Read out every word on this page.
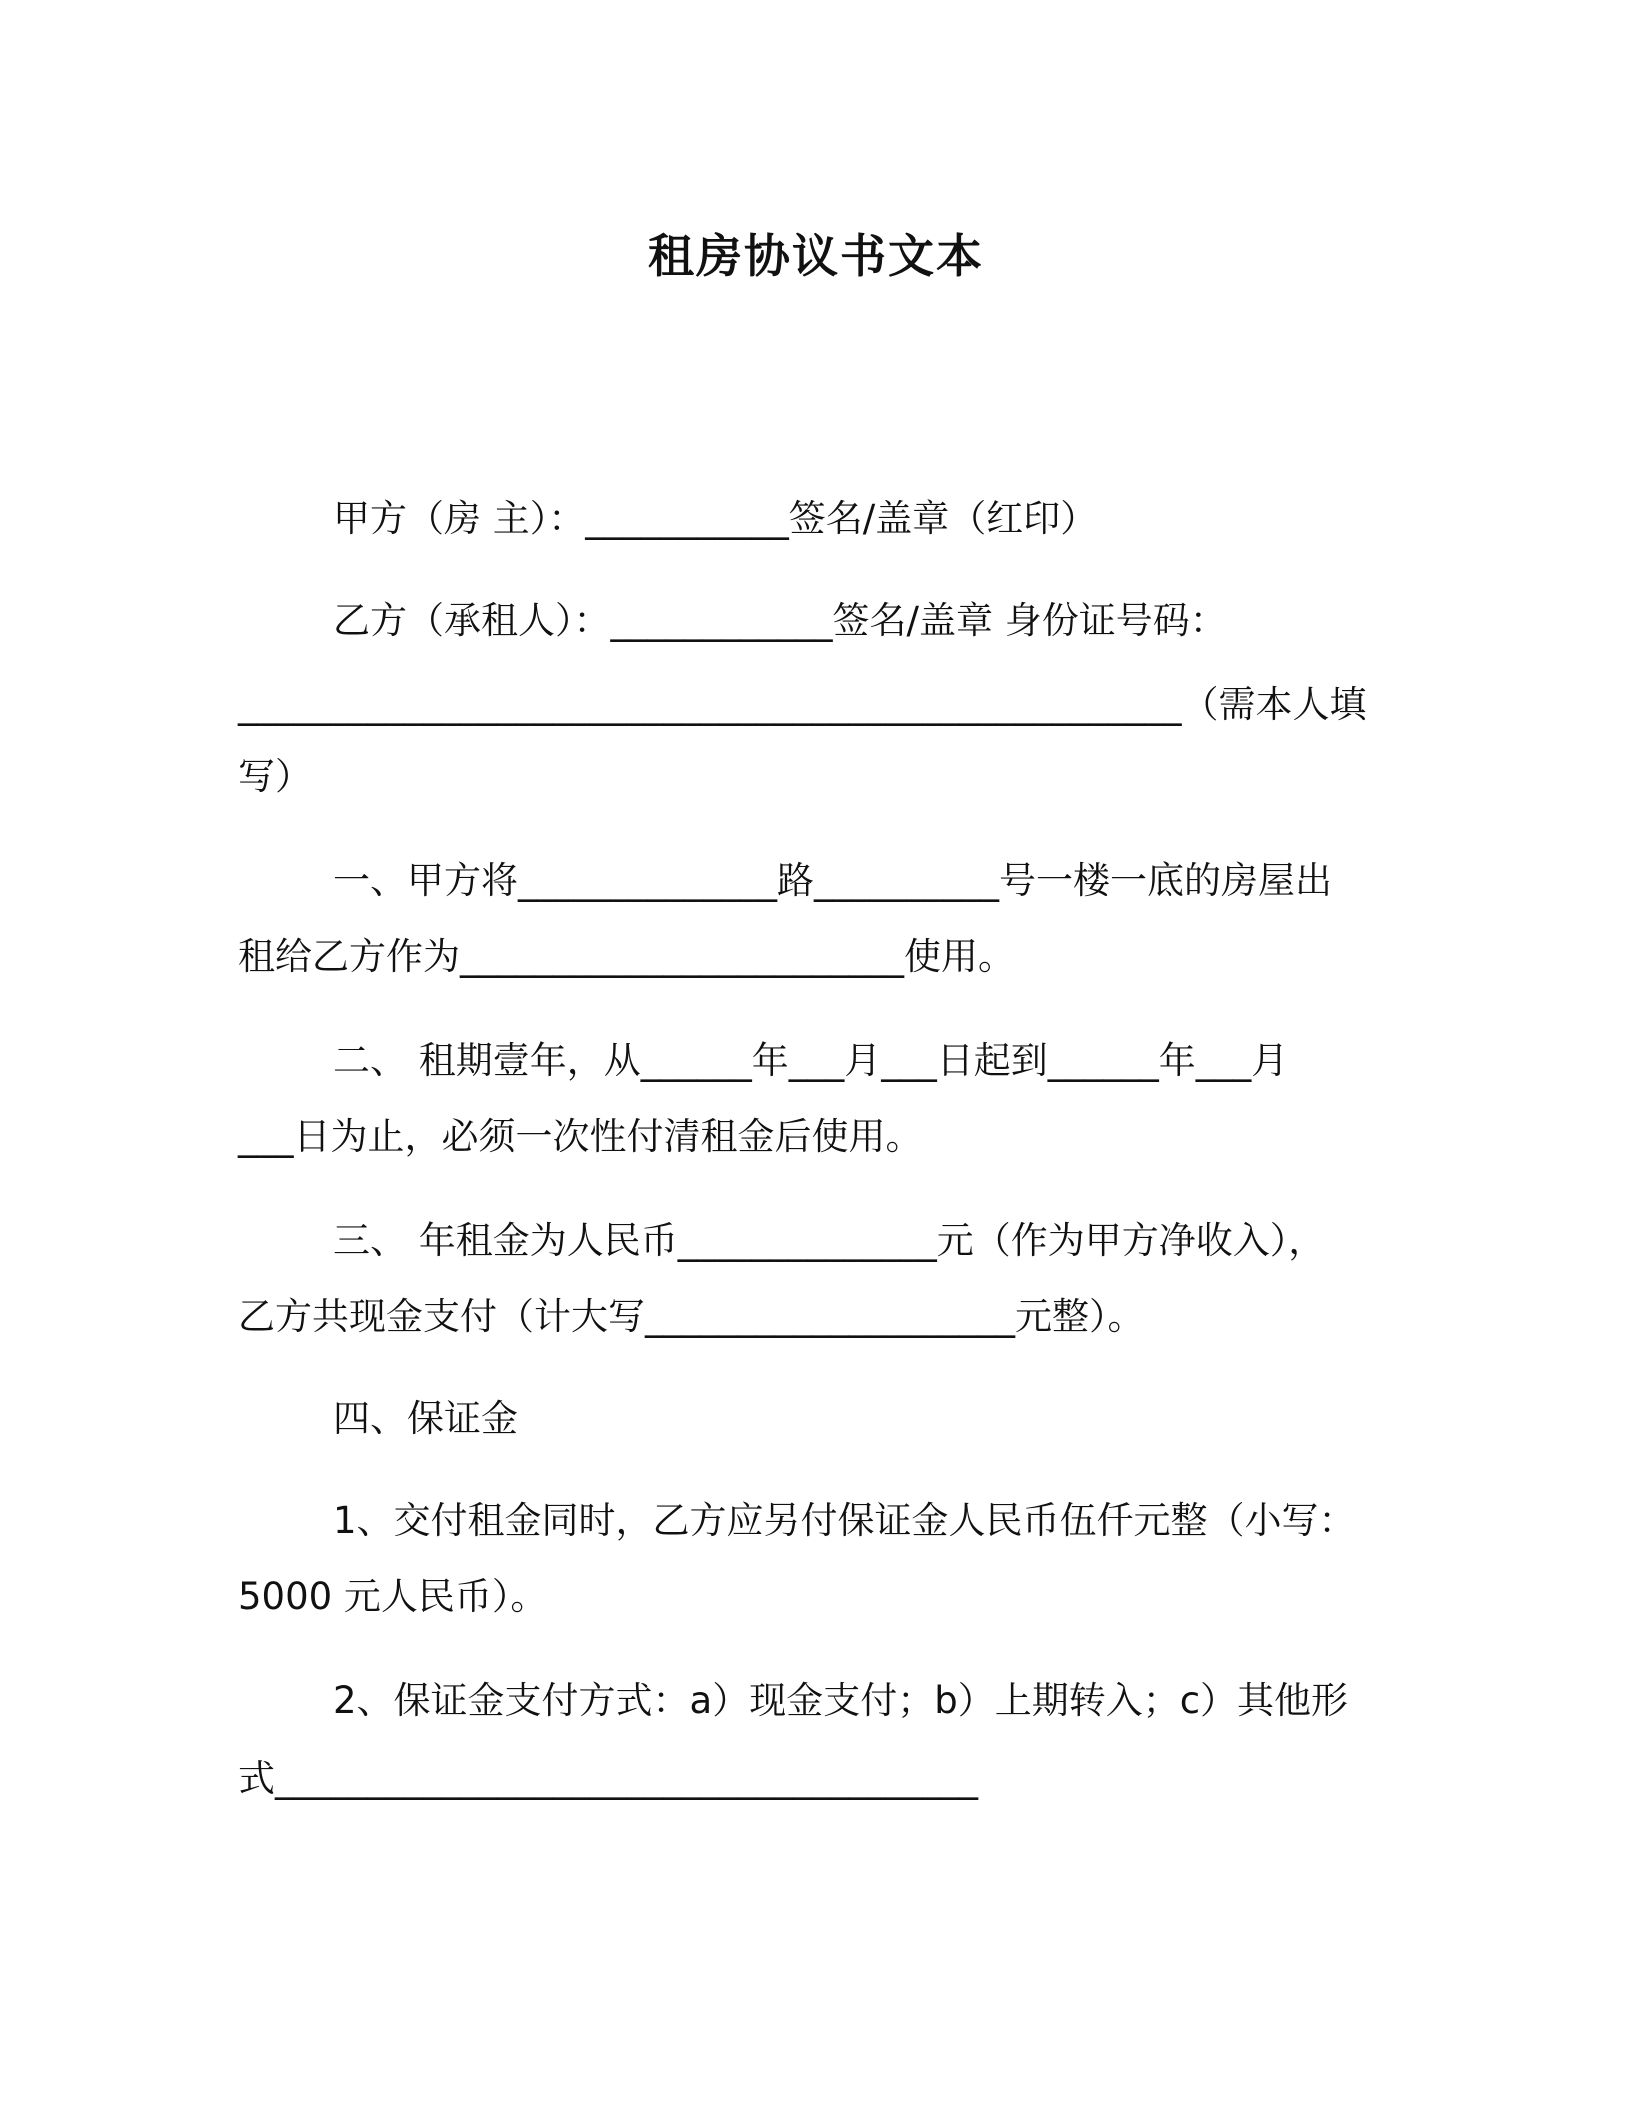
租房协议书文本
甲方（房 主）：___________签名/盖章（红印）
乙方（承租人）：____________签名/盖章 身份证号码：
___________________________________________________（需本人填
写）
一、甲方将______________路__________号一楼一底的房屋出
租给乙方作为________________________使用。
二、 租期壹年，从______年___月___日起到______年___月
___日为止，必须一次性付清租金后使用。
三、 年租金为人民币______________元（作为甲方净收入），
乙方共现金支付（计大写____________________元整）。
四、保证金
1、交付租金同时，乙方应另付保证金人民币伍仟元整（小写：
5000 元人民币）。
2、保证金支付方式：a）现金支付；b）上期转入；c）其他形
式______________________________________
